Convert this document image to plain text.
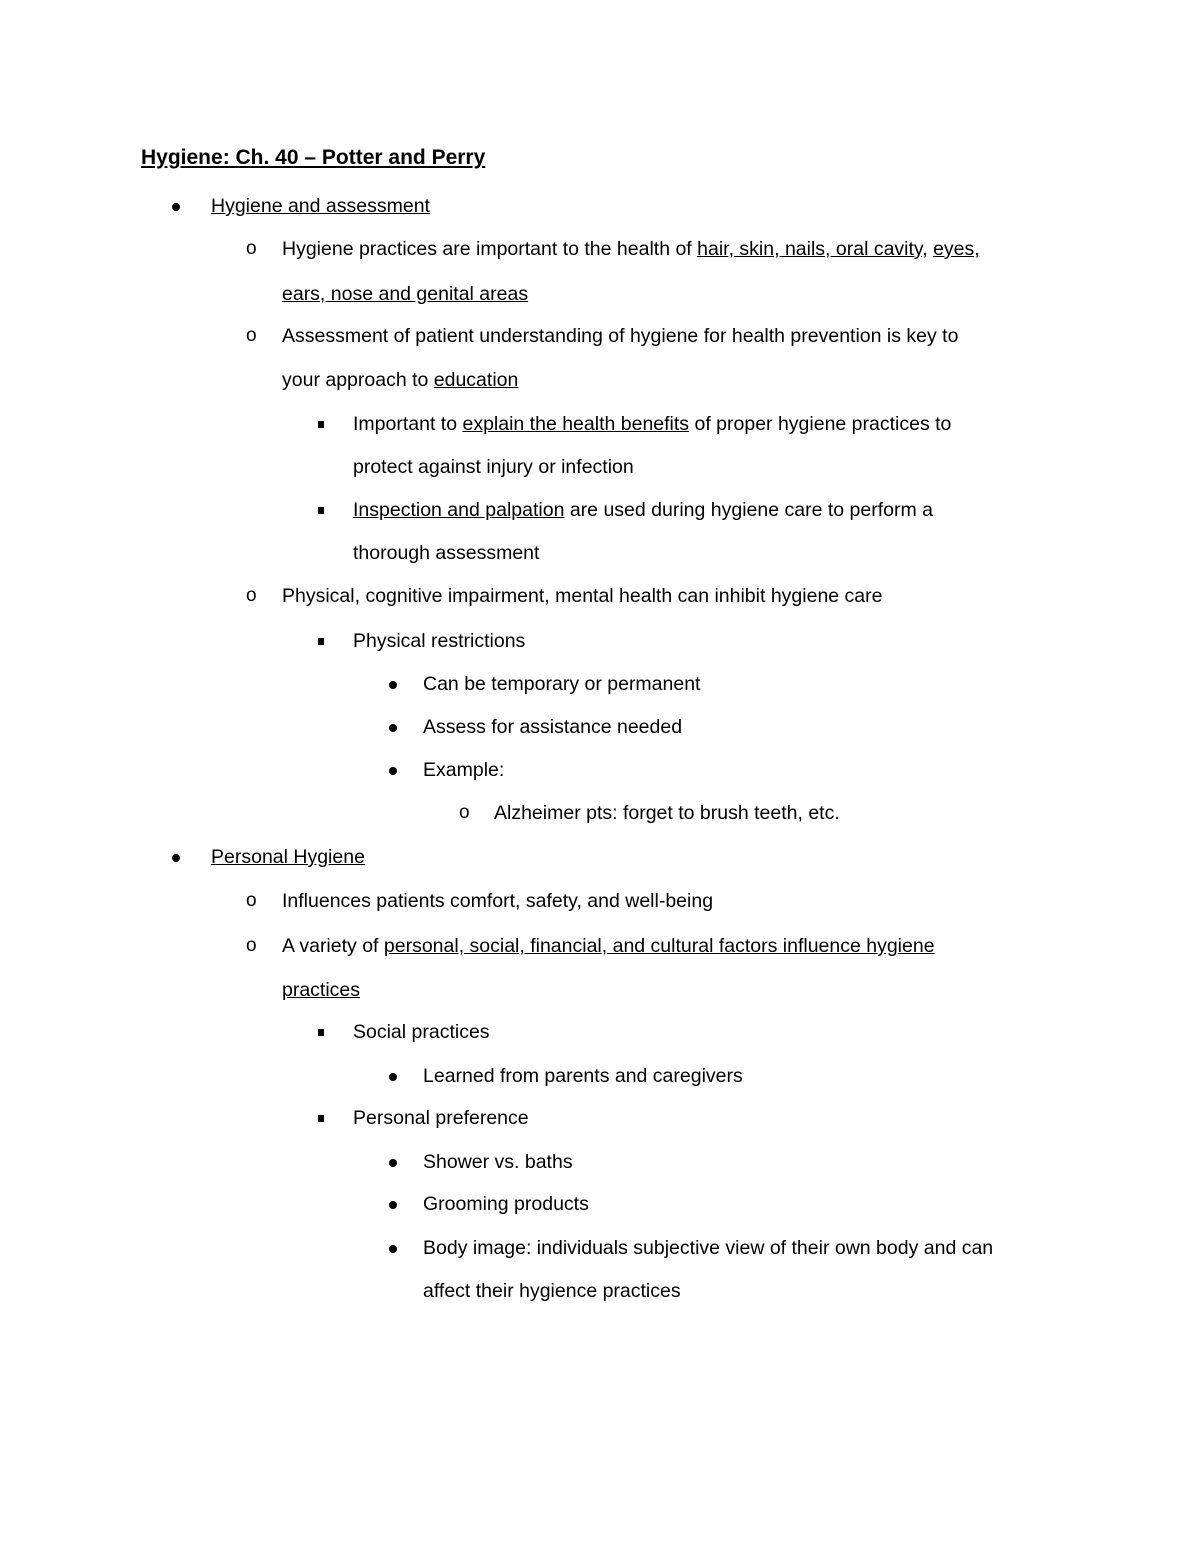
Hygiene: Ch. 40 – Potter and Perry
Hygiene and assessment
o Hygiene practices are important to the health of hair, skin, nails, oral cavity, eyes,
ears, nose and genital areas
o Assessment of patient understanding of hygiene for health prevention is key to
your approach to education
Important to explain the health benefits of proper hygiene practices to
protect against injury or infection
Inspection and palpation are used during hygiene care to perform a
thorough assessment
o Physical, cognitive impairment, mental health can inhibit hygiene care
Physical restrictions
Can be temporary or permanent
Assess for assistance needed
Example:
o Alzheimer pts: forget to brush teeth, etc.
Personal Hygiene
o Influences patients comfort, safety, and well-being
o A variety of personal, social, financial, and cultural factors influence hygiene
practices
Social practices
Learned from parents and caregivers
Personal preference
Shower vs. baths
Grooming products
Body image: individuals subjective view of their own body and can
affect their hygience practices
